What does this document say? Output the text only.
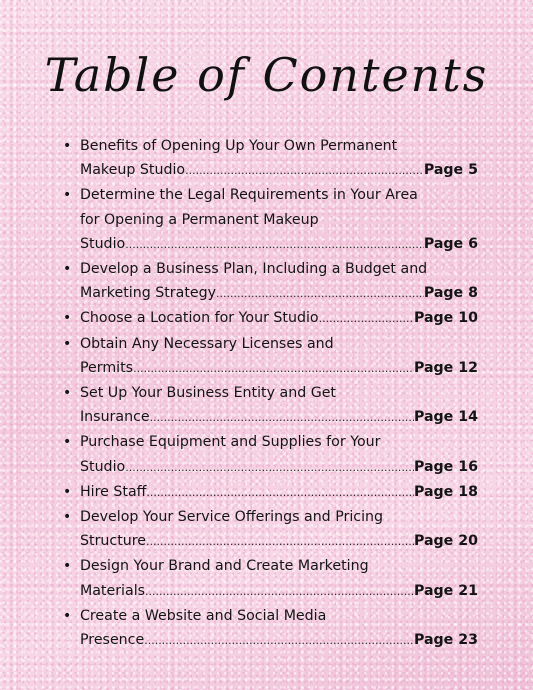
Table of Contents
• Benefits of Opening Up Your Own Permanent
Makeup Studio .....	Page 5
• Determine the Legal Requirements in Your Area
for Opening a Permanent Makeup
Studio .....	Page 6
• Develop a Business Plan, Including a Budget and
Marketing Strategy .....	Page 8
• Choose a Location for Your Studio .....	Page 10
• Obtain Any Necessary Licenses and
Permits .....	Page 12
• Set Up Your Business Entity and Get
Insurance .....	Page 14
• Purchase Equipment and Supplies for Your
Studio .....	Page 16
• Hire Staff .....	Page 18
• Develop Your Service Offerings and Pricing
Structure .....	Page 20
• Design Your Brand and Create Marketing
Materials .....	Page 21
• Create a Website and Social Media
Presence .....	Page 23
